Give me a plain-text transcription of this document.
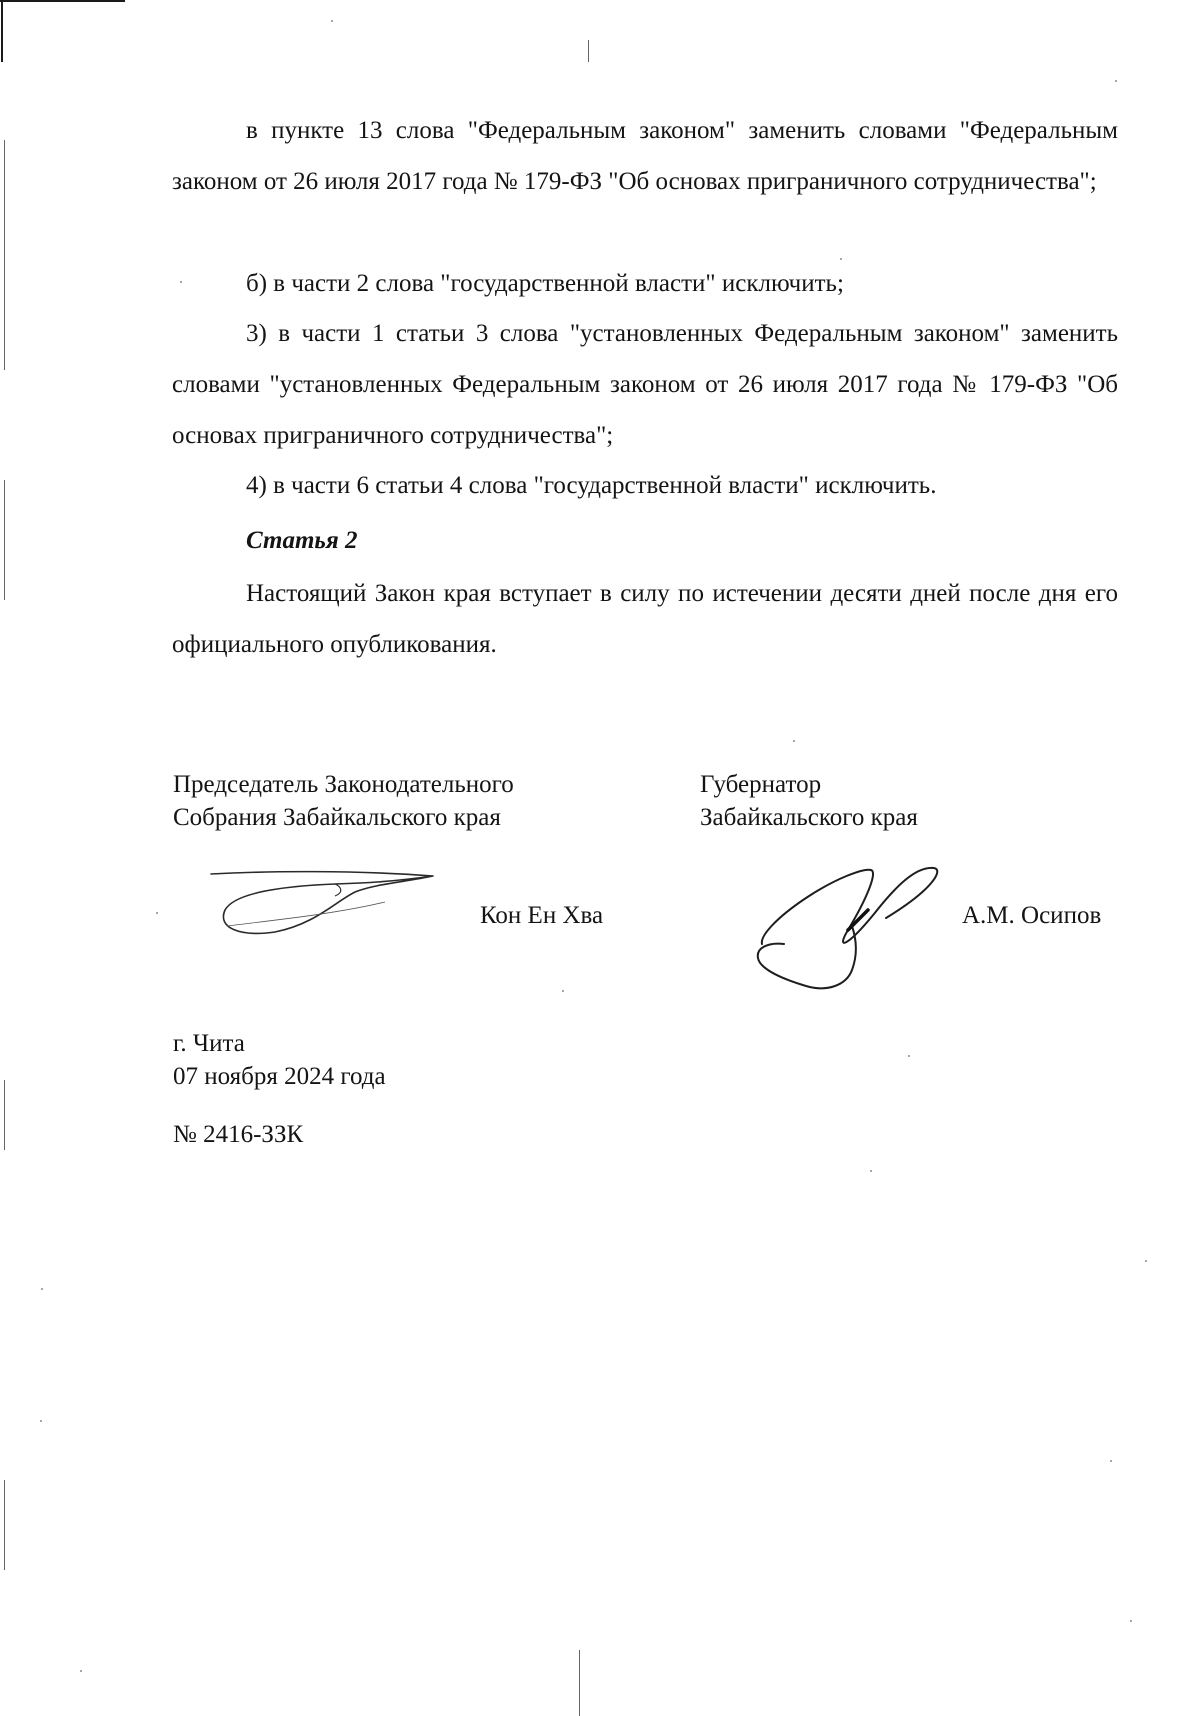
в пункте 13 слова "Федеральным законом" заменить словами "Федеральным законом от 26 июля 2017 года № 179-ФЗ "Об основах приграничного сотрудничества";

б) в части 2 слова "государственной власти" исключить;

3) в части 1 статьи 3 слова "установленных Федеральным законом" заменить словами "установленных Федеральным законом от 26 июля 2017 года № 179-ФЗ "Об основах приграничного сотрудничества";

4) в части 6 статьи 4 слова "государственной власти" исключить.

Статья 2

Настоящий Закон края вступает в силу по истечении десяти дней после дня его официального опубликования.

Председатель Законодательного
Собрания Забайкальского края
Губернатор
Забайкальского края
Кон Ен Хва	А.М. Осипов
г. Чита
07 ноября 2024 года
№ 2416-ЗЗК
